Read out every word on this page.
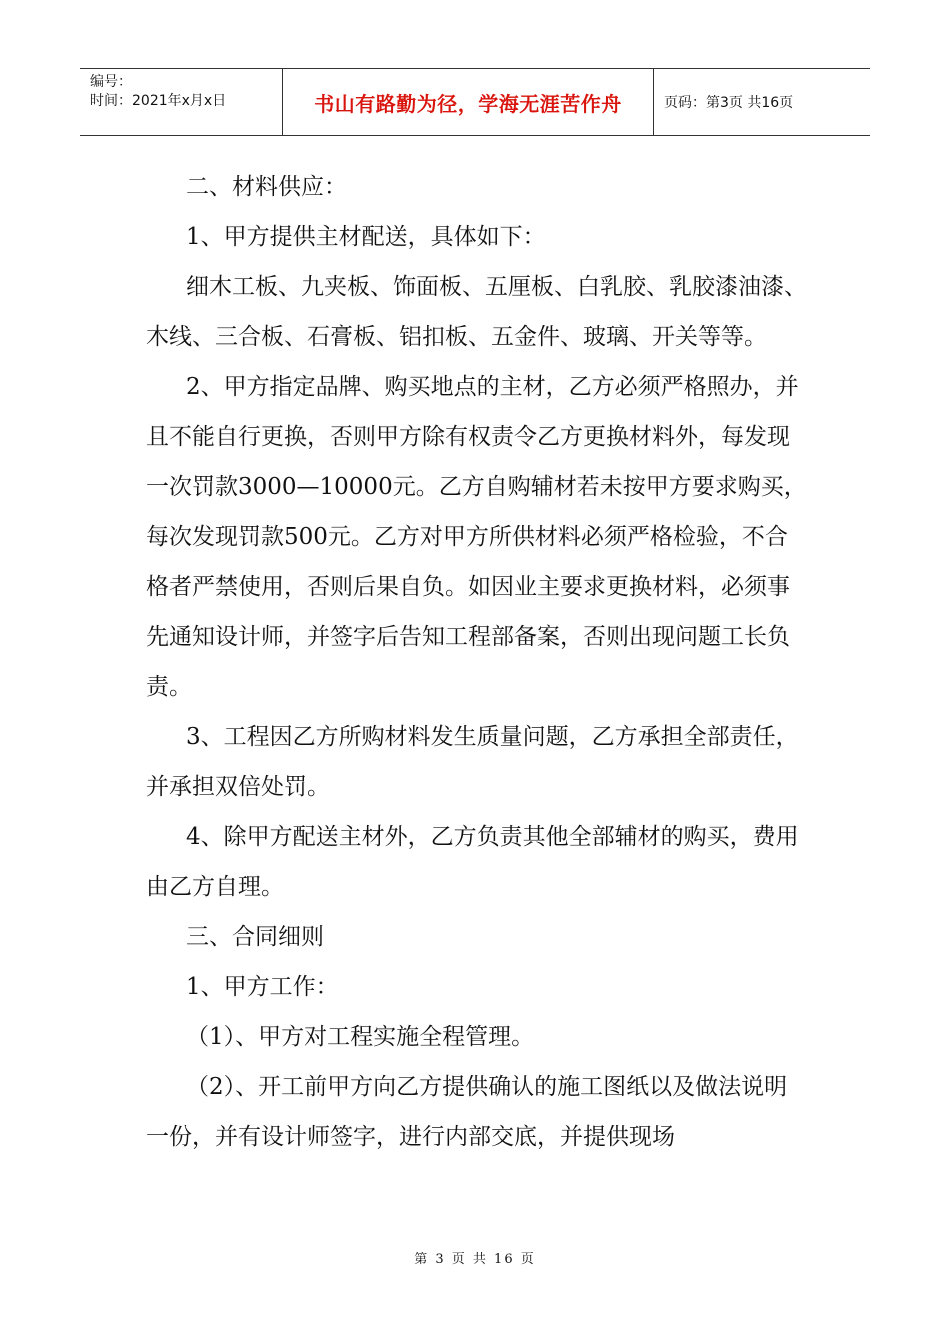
编号：
时间：2021年x月x日	书山有路勤为径，学海无涯苦作舟	页码：第3页 共16页

二、材料供应：

1、甲方提供主材配送，具体如下：

细木工板、九夹板、饰面板、五厘板、白乳胶、乳胶漆油漆、木线、三合板、石膏板、铝扣板、五金件、玻璃、开关等等。

2、甲方指定品牌、购买地点的主材，乙方必须严格照办，并且不能自行更换，否则甲方除有权责令乙方更换材料外，每发现一次罚款3000—10000元。乙方自购辅材若未按甲方要求购买，每次发现罚款500元。乙方对甲方所供材料必须严格检验，不合格者严禁使用，否则后果自负。如因业主要求更换材料，必须事先通知设计师，并签字后告知工程部备案，否则出现问题工长负责。

3、工程因乙方所购材料发生质量问题，乙方承担全部责任，并承担双倍处罚。

4、除甲方配送主材外，乙方负责其他全部辅材的购买，费用由乙方自理。

三、合同细则

1、甲方工作：

（1）、甲方对工程实施全程管理。

（2）、开工前甲方向乙方提供确认的施工图纸以及做法说明一份，并有设计师签字，进行内部交底，并提供现场

第 3 页 共 16 页
